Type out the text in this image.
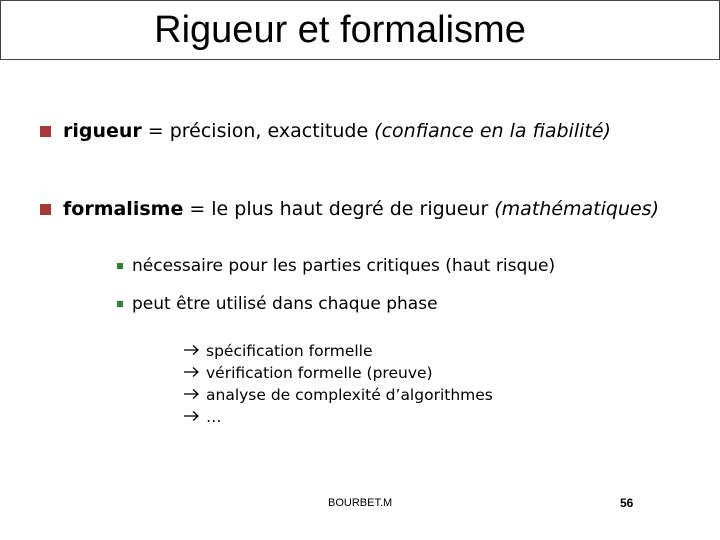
Rigueur et formalisme
rigueur = précision, exactitude (confiance en la fiabilité)
formalisme = le plus haut degré de rigueur (mathématiques)
nécessaire pour les parties critiques (haut risque)
peut être utilisé dans chaque phase
spécification formelle
vérification formelle (preuve)
analyse de complexité d’algorithmes
…
BOURBET.M	56
